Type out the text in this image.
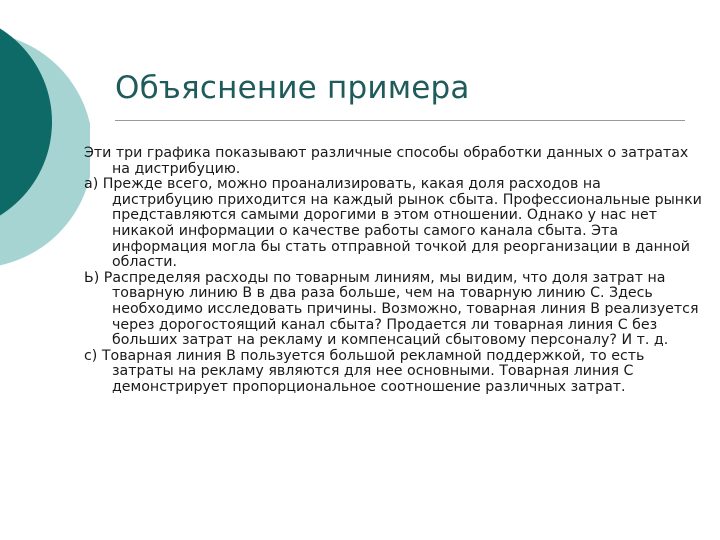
Объяснение примера

Эти три графика показывают различные способы обработки данных о затратах на дистрибуцию.

а) Прежде всего, можно проанализировать, какая доля расходов на дистрибуцию приходится на каждый рынок сбыта. Профессиональные рынки представляются самыми дорогими в этом отношении. Однако у нас нет никакой информации о качестве работы самого канала сбыта. Эта информация могла бы стать отправной точкой для реорганизации в данной области.

Ь) Распределяя расходы по товарным линиям, мы видим, что доля затрат на товарную линию В в два раза больше, чем на товарную линию С. Здесь необходимо исследовать причины. Возможно, товарная линия В реализуется через дорогостоящий канал сбыта? Продается ли товарная линия С без больших затрат на рекламу и компенсаций сбытовому персоналу? И т. д.

с) Товарная линия В пользуется большой рекламной поддержкой, то есть затраты на рекламу являются для нее основными. Товарная линия С демонстрирует пропорциональное соотношение различных затрат.
